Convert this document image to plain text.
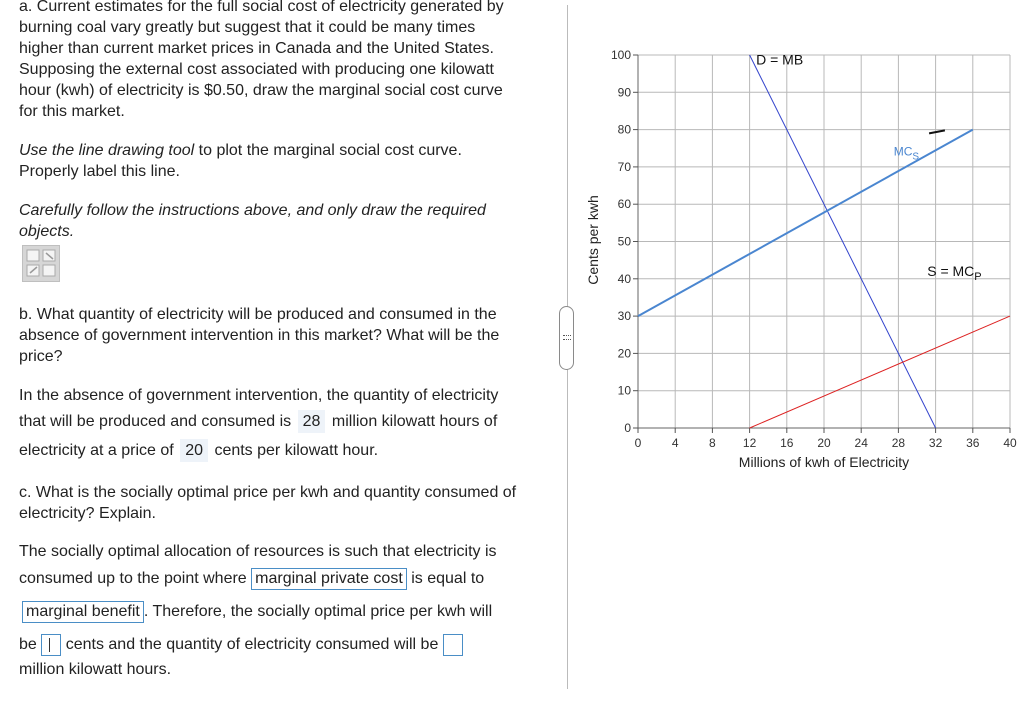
a. Current estimates for the full social cost of electricity generated by

burning coal vary greatly but suggest that it could be many times

higher than current market prices in Canada and the United States.

Supposing the external cost associated with producing one kilowatt

hour (kwh) of electricity is $0.50, draw the marginal social cost curve

for this market.

Use the line drawing tool to plot the marginal social cost curve.

Properly label this line.

Carefully follow the instructions above, and only draw the required

objects.

b. What quantity of electricity will be produced and consumed in the

absence of government intervention in this market? What will be the

price?

In the absence of government intervention, the quantity of electricity

that will be produced and consumed is 28 million kilowatt hours of

electricity at a price of 20 cents per kilowatt hour.

c. What is the socially optimal price per kwh and quantity consumed of

electricity? Explain.

The socially optimal allocation of resources is such that electricity is

consumed up to the point where marginal private cost is equal to

marginal benefit . Therefore, the socially optimal price per kwh will

be cents and the quantity of electricity consumed will be

million kilowatt hours.

0	4	8 12 16 20 24 28 32 36 40
0
10
20
30
40
50
60
70
80
90
100
Cents per kwh
Millions of kwh of Electricity
D = MB
$S = MC_P$
$MC_S$
